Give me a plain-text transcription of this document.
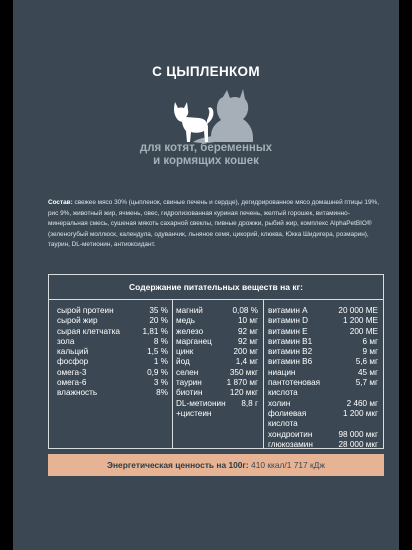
С ЦЫПЛЕНКОМ
для котят, беременных
и кормящих кошек
Состав: свежее мясо 30% (цыпленок, свиные печень и сердце), дегидрированное мясо домашней птицы 19%, рис 9%, животный жир, ячмень, овес, гидролизованная куриная печень, желтый горошек, витаминно-минеральная смесь, сушеная мякоть сахарной свеклы, пивные дрожжи, рыбий жир, комплекс AlphaPetBIO® (зеленогубый моллюск, календула, одуванчик, льняное семя, цикорий, клюква, Юкка Шидигера, розмарин), таурин, DL-метионин, антиоксидант.
Содержание питательных веществ на кг:
сырой протеин	35 %
сырой жир	20 %
сырая клетчатка	1,81 %
зола	8 %
кальций	1,5 %
фосфор	1 %
омега-3	0,9 %
омега-6	3 %
влажность	8%
магний	0,08 %
медь	10 мг
железо	92 мг
марганец	92 мг
цинк	200 мг
йод	1,4 мг
селен	350 мкг
таурин	1 870 мг
биотин	120 мкг
DL-метионин 8,8 г
+цистеин
витамин А	20 000 МЕ
витамин D	1 200 МЕ
витамин Е	200 МЕ
витамин В1	6 мг
витамин В2	9 мг
витамин В6	5,6 мг
ниацин	45 мг
пантотеновая	5,7 мг
кислота
холин	2 460 мг
фолиевая	1 200 мкг
кислота
хондроитин	98 000 мкг
глюкозамин	28 000 мкг
Энергетическая ценность на 100г: 410 ккал/1 717 кДж
